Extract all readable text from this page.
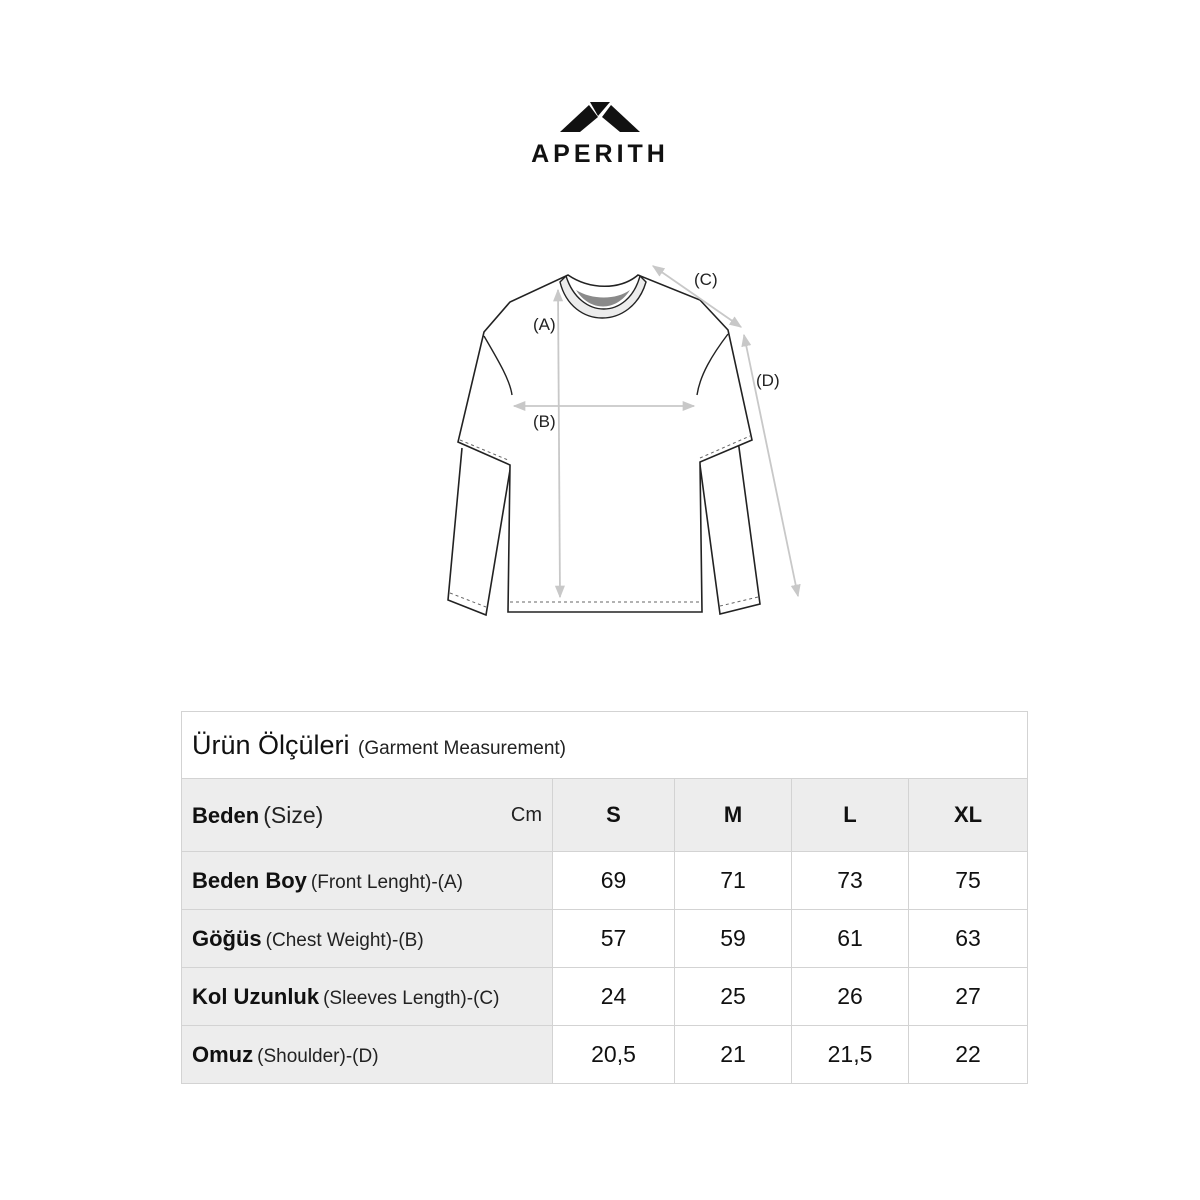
APERITH
(A)
(B)
(C)
(D)
Ürün Ölçüleri (Garment Measurement)				

Beden (Size) Cm	S	M	L	XL
Beden Boy (Front Lenght)-(A)	69	71	73	75
Göğüs (Chest Weight)-(B)	57	59	61	63
Kol Uzunluk (Sleeves Length)-(C)	24	25	26	27
Omuz (Shoulder)-(D)	20,5	21	21,5	22
